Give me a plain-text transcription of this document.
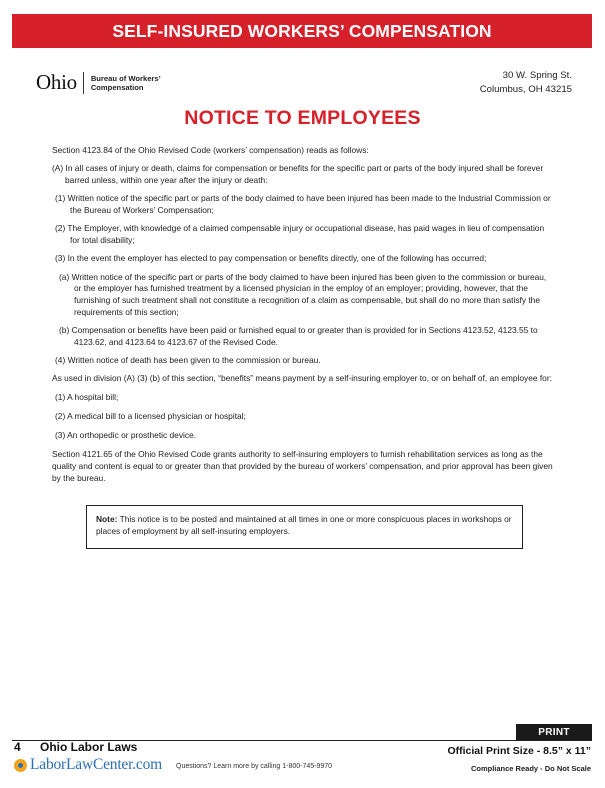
SELF-INSURED WORKERS’ COMPENSATION
Ohio Bureau of Workers’
Compensation
30 W. Spring St.
Columbus, OH 43215
NOTICE TO EMPLOYEES

Section 4123.84 of the Ohio Revised Code (workers’ compensation) reads as follows:

(A) In all cases of injury or death, claims for compensation or benefits for the specific part or parts of the body injured shall be forever barred unless, within one year after the injury or death:

(1) Written notice of the specific part or parts of the body claimed to have been injured has been made to the Industrial Commission or the Bureau of Workers’ Compensation;

(2) The Employer, with knowledge of a claimed compensable injury or occupational disease, has paid wages in lieu of compensation for total disability;

(3) In the event the employer has elected to pay compensation or benefits directly, one of the following has occurred;

(a) Written notice of the specific part or parts of the body claimed to have been injured has been given to the commission or bureau, or the employer has furnished treatment by a licensed physician in the employ of an employer; providing, however, that the furnishing of such treatment shall not constitute a recognition of a claim as compensable, but shall do no more than satisfy the requirements of this section;

(b) Compensation or benefits have been paid or furnished equal to or greater than is provided for in Sections 4123.52, 4123.55 to 4123.62, and 4123.64 to 4123.67 of the Revised Code.

(4) Written notice of death has been given to the commission or bureau.

As used in division (A) (3) (b) of this section, “benefits” means payment by a self-insuring employer to, or on behalf of, an employee for:

(1) A hospital bill;

(2) A medical bill to a licensed physician or hospital;

(3) An orthopedic or prosthetic device.

Section 4121.65 of the Ohio Revised Code grants authority to self-insuring employers to furnish rehabilitation services as long as the quality and content is equal to or greater than that provided by the bureau of workers’ compensation, and prior approval has been given by the bureau.

Note: This notice is to be posted and maintained at all times in one or more conspicuous places in workshops or places of employment by all self-insuring employers.
PRINT
4 Ohio Labor Laws
LaborLawCenter.com Questions? Learn more by calling 1-800-745-9970
Official Print Size - 8.5” x 11”
Compliance Ready - Do Not Scale
